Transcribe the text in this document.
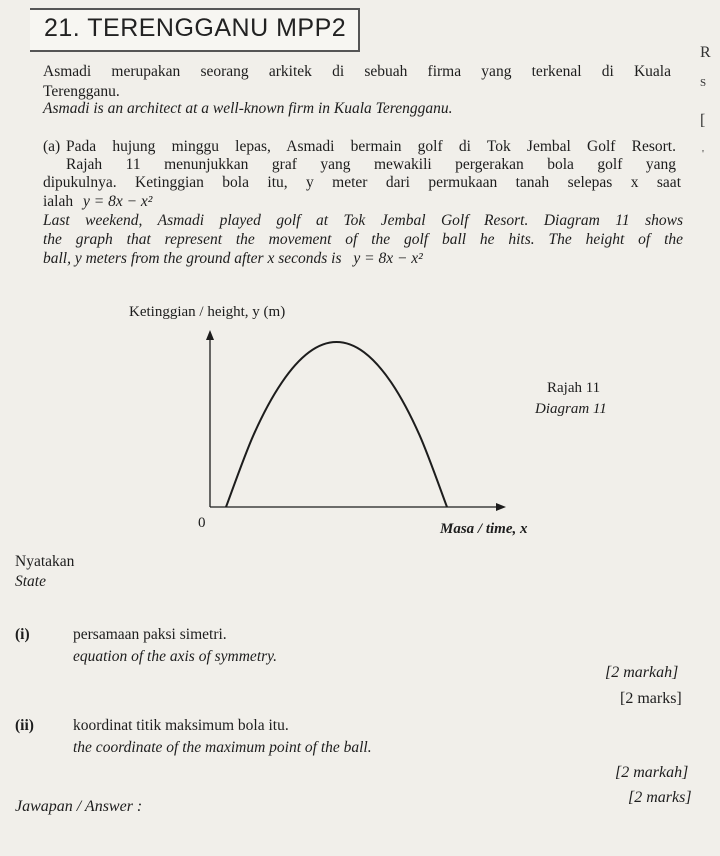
21. TERENGGANU MPP2
R
S
[
'
Asmadi merupakan seorang arkitek di sebuah firma yang terkenal di Kuala
Terengganu.
Asmadi is an architect at a well-known firm in Kuala Terengganu.
(a) Pada hujung minggu lepas, Asmadi bermain golf di Tok Jembal Golf Resort.
Rajah 11 menunjukkan graf yang mewakili pergerakan bola golf yang
dipukulnya. Ketinggian bola itu, y meter dari permukaan tanah selepas x saat
ialah y = 8x − x²
Last weekend, Asmadi played golf at Tok Jembal Golf Resort. Diagram 11 shows
the graph that represent the movement of the golf ball he hits. The height of the
ball, y meters from the ground after x seconds is y = 8x − x²
Ketinggian / height, y (m)
Masa / time, x
0
Rajah 11
Diagram 11
Nyatakan
State
(i)	persamaan paksi simetri.
equation of the axis of symmetry.
[2 markah]
[2 marks]
(ii)	koordinat titik maksimum bola itu.
the coordinate of the maximum point of the ball.
[2 markah]
[2 marks]
Jawapan / Answer :
